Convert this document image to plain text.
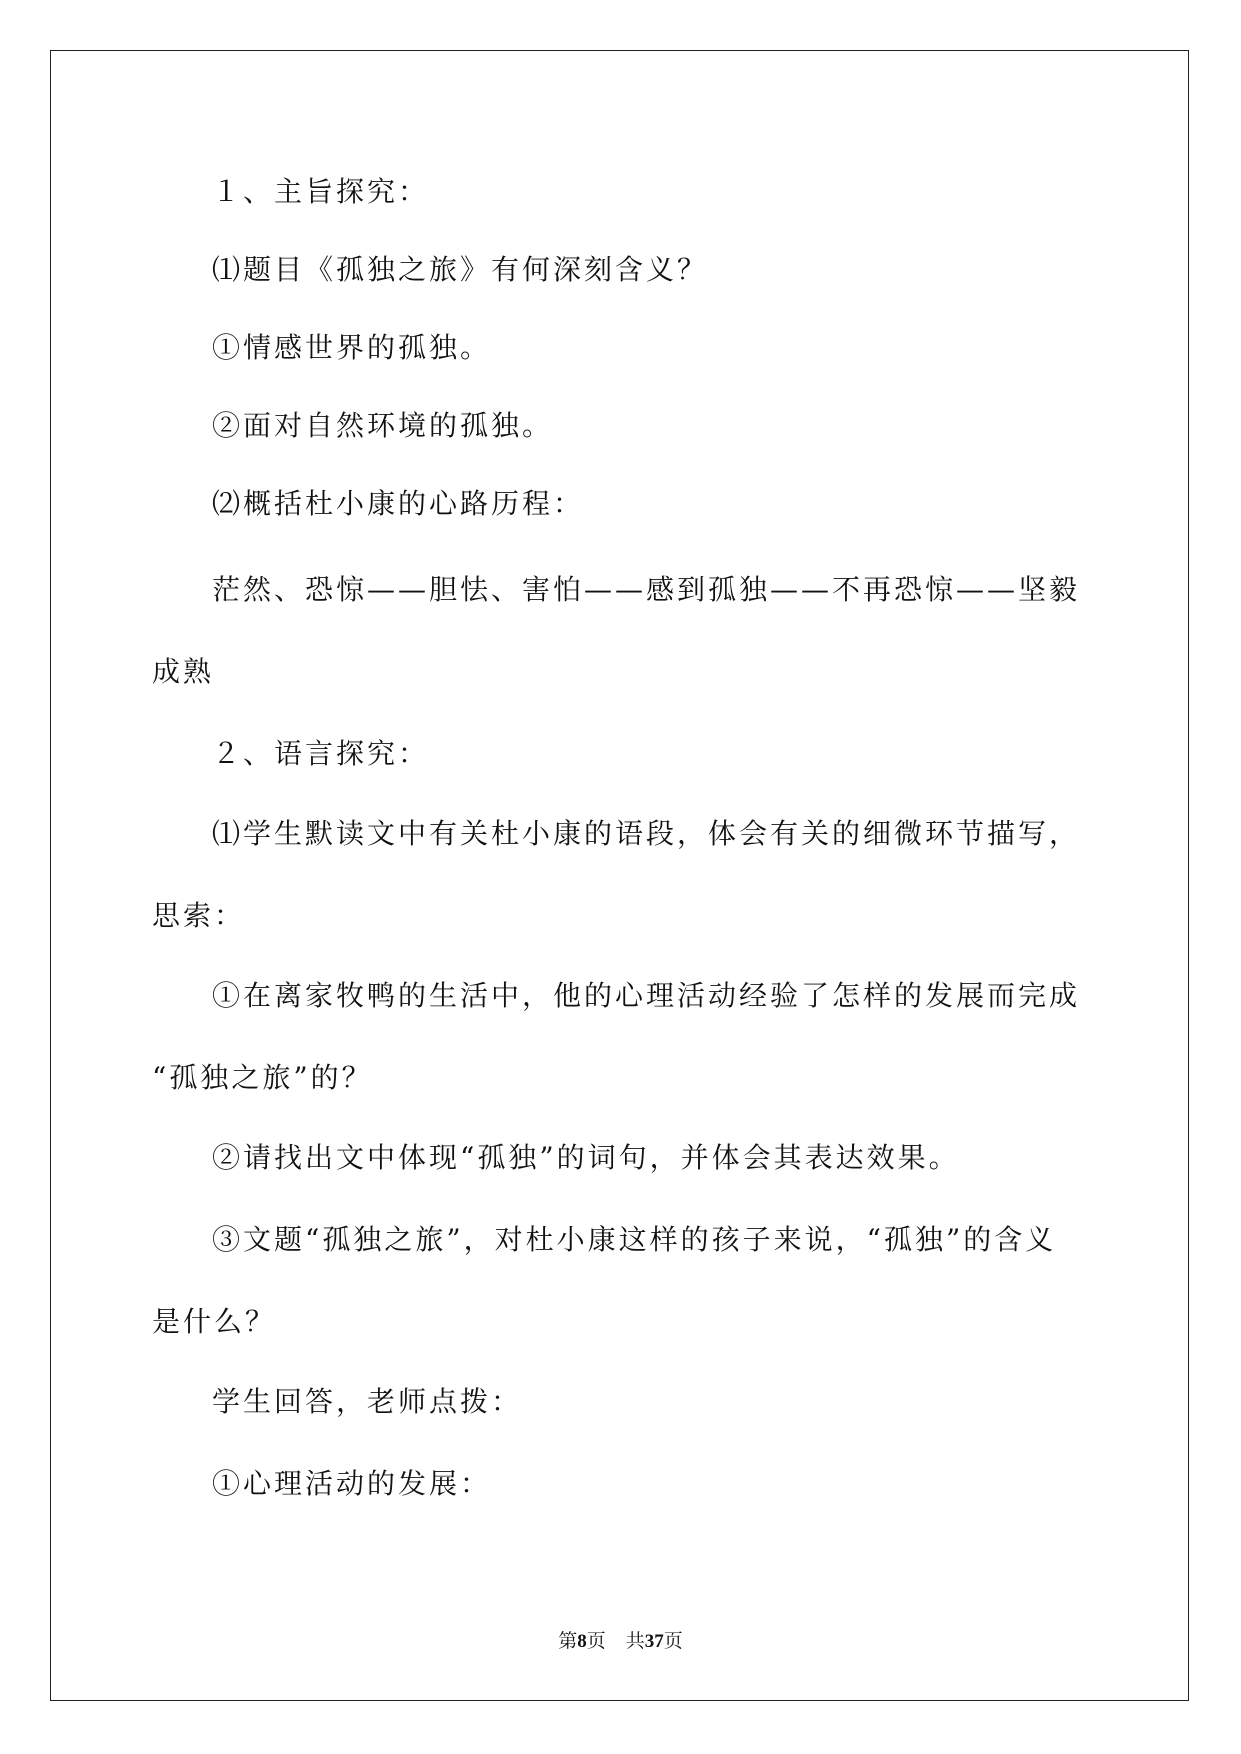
１、主旨探究：
⑴题目《孤独之旅》有何深刻含义？
①情感世界的孤独。
②面对自然环境的孤独。
⑵概括杜小康的心路历程：
茫然、恐惊——胆怯、害怕——感到孤独——不再恐惊——坚毅
成熟
２、语言探究：
⑴学生默读文中有关杜小康的语段，体会有关的细微环节描写，
思索：
①在离家牧鸭的生活中，他的心理活动经验了怎样的发展而完成
“孤独之旅”的？
②请找出文中体现“孤独”的词句，并体会其表达效果。
③文题“孤独之旅”，对杜小康这样的孩子来说，“孤独”的含义
是什么？
学生回答，老师点拨：
①心理活动的发展：
第8页 共37页
